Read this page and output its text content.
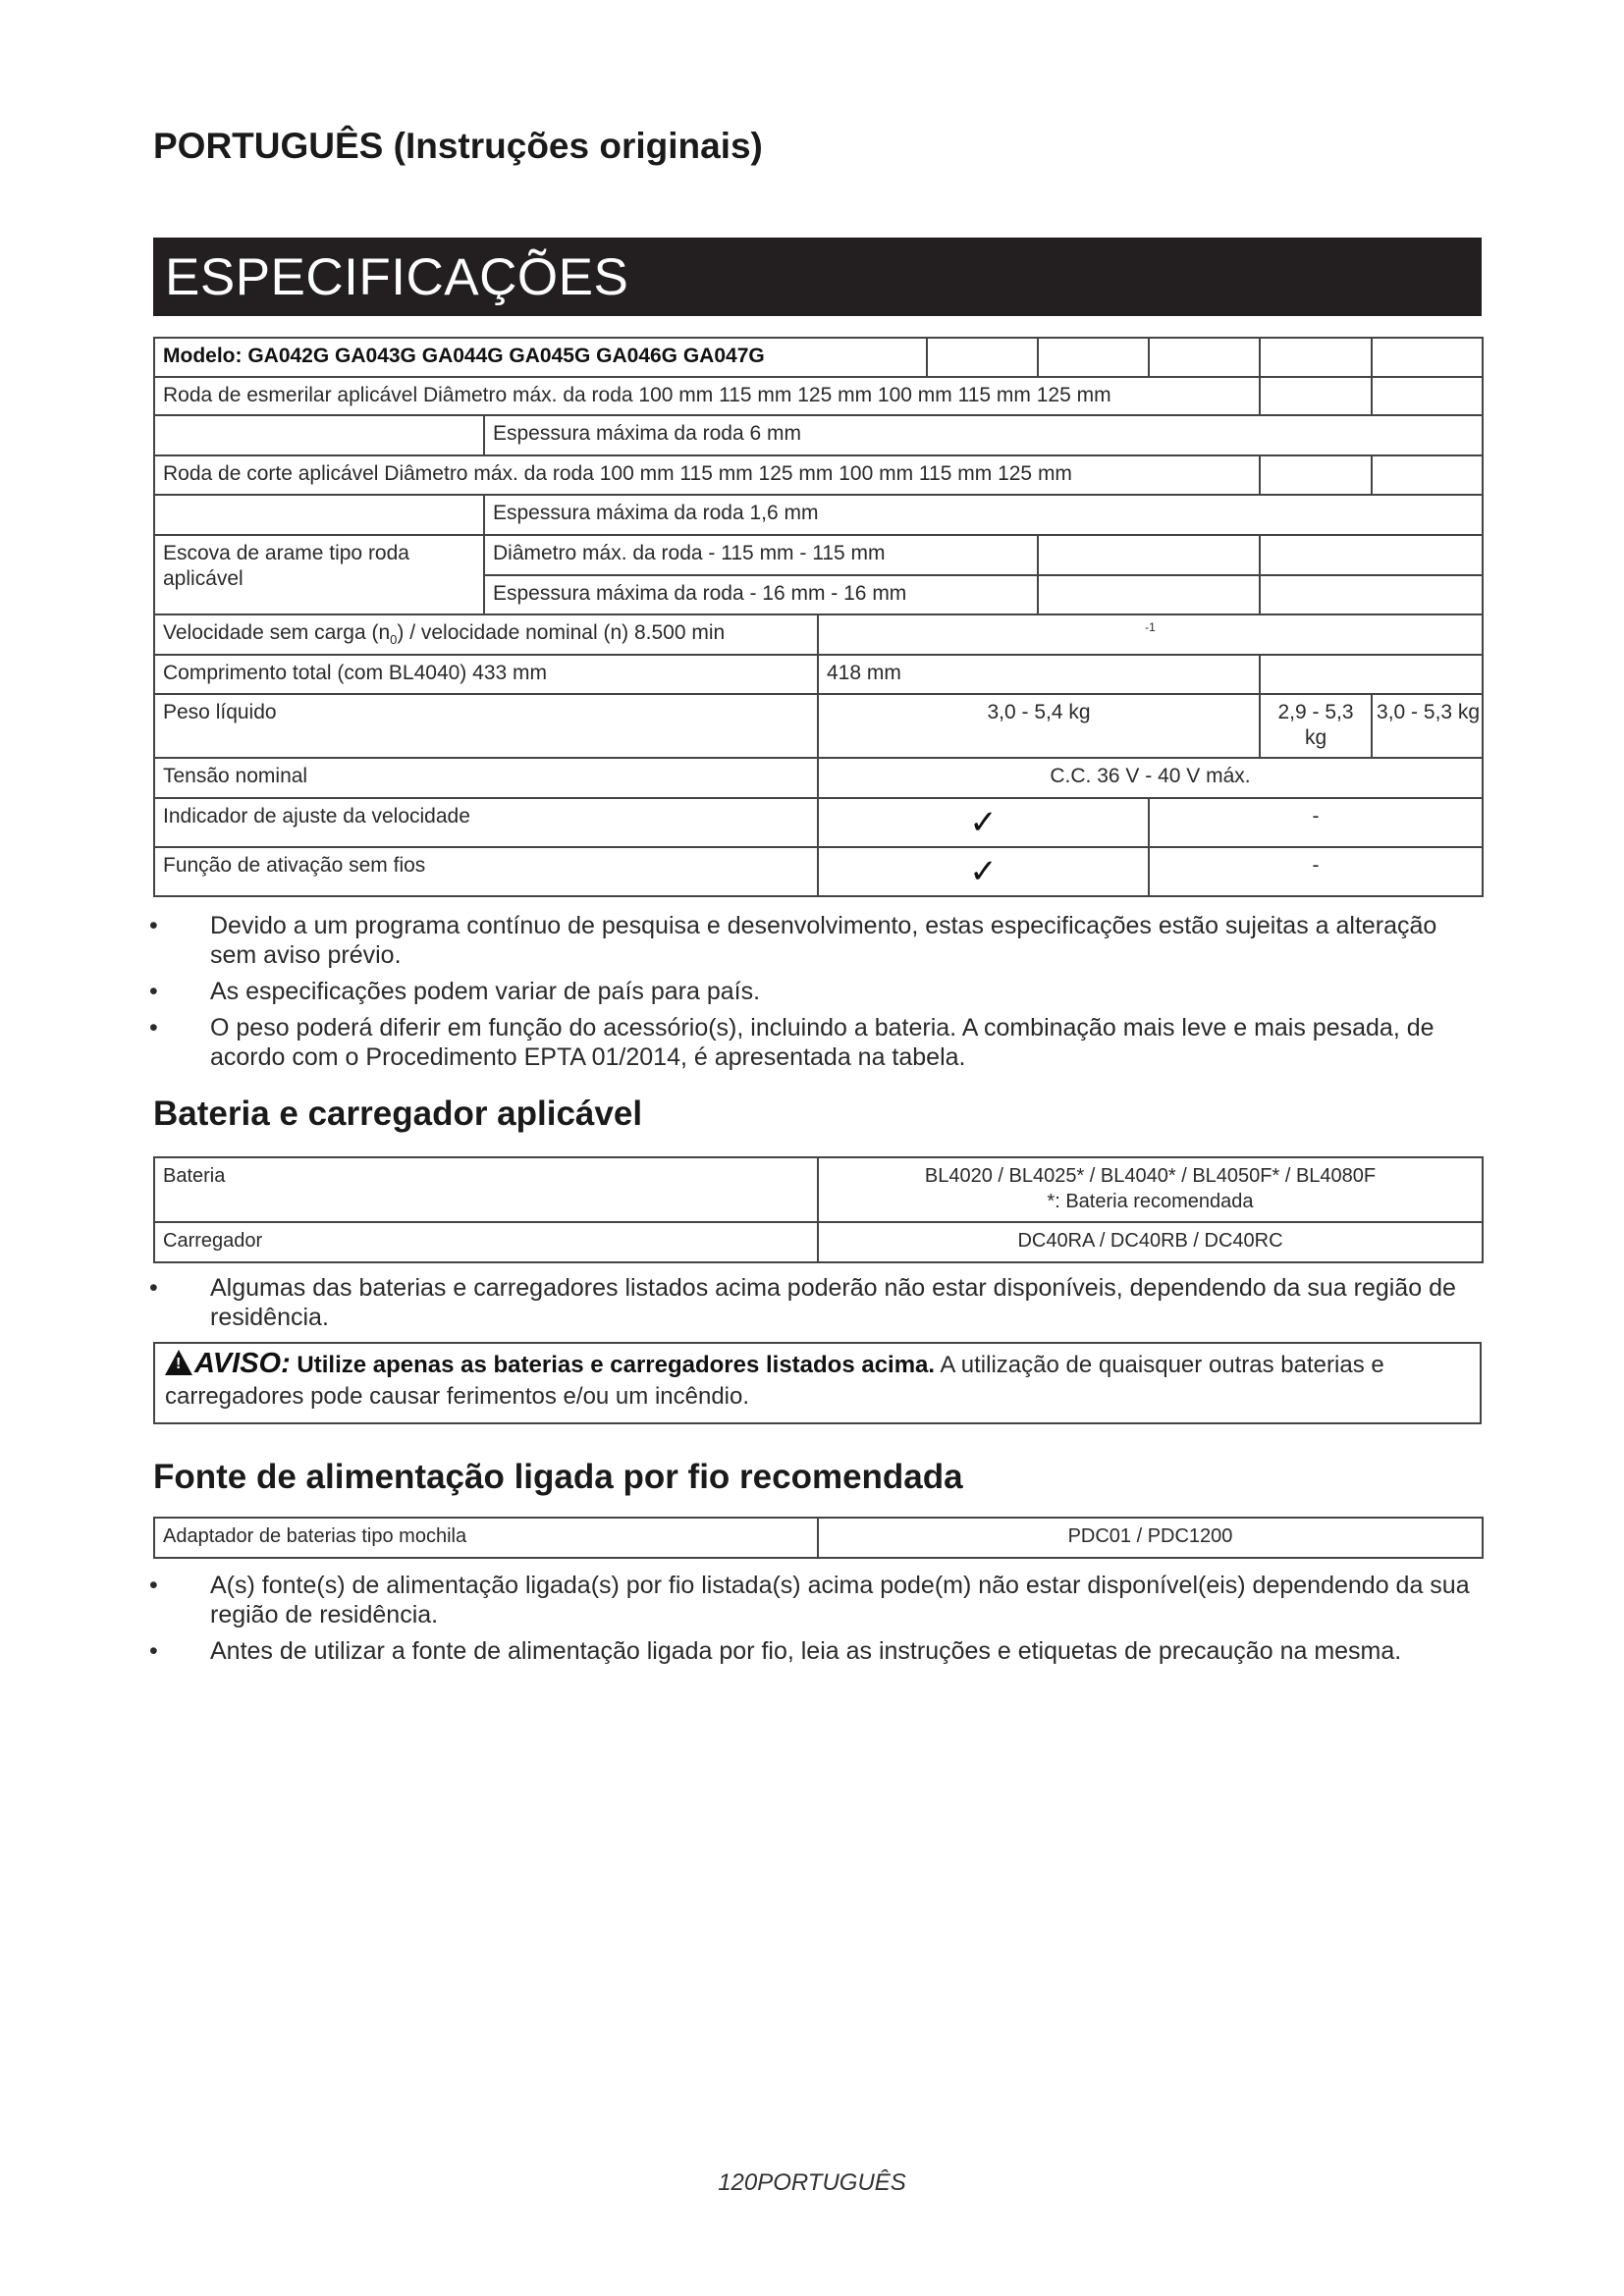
PORTUGUÊS (Instruções originais)
ESPECIFICAÇÕES
Modelo: GA042G GA043G GA044G GA045G GA046G GA047G							

Roda de esmerilar aplicável Diâmetro máx. da roda 100 mm 115 mm 125 mm 100 mm 115 mm 125 mm							

	Espessura máxima da roda 6 mm						

Roda de corte aplicável Diâmetro máx. da roda 100 mm 115 mm 125 mm 100 mm 115 mm 125 mm							

	Espessura máxima da roda 1,6 mm						

Escova de arame tipo roda aplicável	Diâmetro máx. da roda - 115 mm - 115 mm						

	Espessura máxima da roda - 16 mm - 16 mm						

Velocidade sem carga $(n_0)$ / velocidade nominal (n) 8.500 min		-1					

Comprimento total (com BL4040) 433 mm		418 mm					

Peso líquido		3,0 - 5,4 kg				2,9 - 5,3 kg	3,0 - 5,3 kg

Tensão nominal		C.C. 36 V - 40 V máx.					

Indicador de ajuste da velocidade		✓			-		

Função de ativação sem fios		✓			-		
• Devido a um programa contínuo de pesquisa e desenvolvimento, estas especificações estão sujeitas a alteração sem aviso prévio.
• As especificações podem variar de país para país.
• O peso poderá diferir em função do acessório(s), incluindo a bateria. A combinação mais leve e mais pesada, de acordo com o Procedimento EPTA 01/2014, é apresentada na tabela.
Bateria e carregador aplicável
Bateria	BL4020 / BL4025* / BL4040* / BL4050F* / BL4080F
*: Bateria recomendada

Carregador	DC40RA / DC40RB / DC40RC
• Algumas das baterias e carregadores listados acima poderão não estar disponíveis, dependendo da sua região de residência.
!AVISO: Utilize apenas as baterias e carregadores listados acima. A utilização de quaisquer outras baterias e carregadores pode causar ferimentos e/ou um incêndio.
Fonte de alimentação ligada por fio recomendada
Adaptador de baterias tipo mochila	PDC01 / PDC1200
• A(s) fonte(s) de alimentação ligada(s) por fio listada(s) acima pode(m) não estar disponível(eis) dependendo da sua região de residência.
• Antes de utilizar a fonte de alimentação ligada por fio, leia as instruções e etiquetas de precaução na mesma.
120PORTUGUÊS
